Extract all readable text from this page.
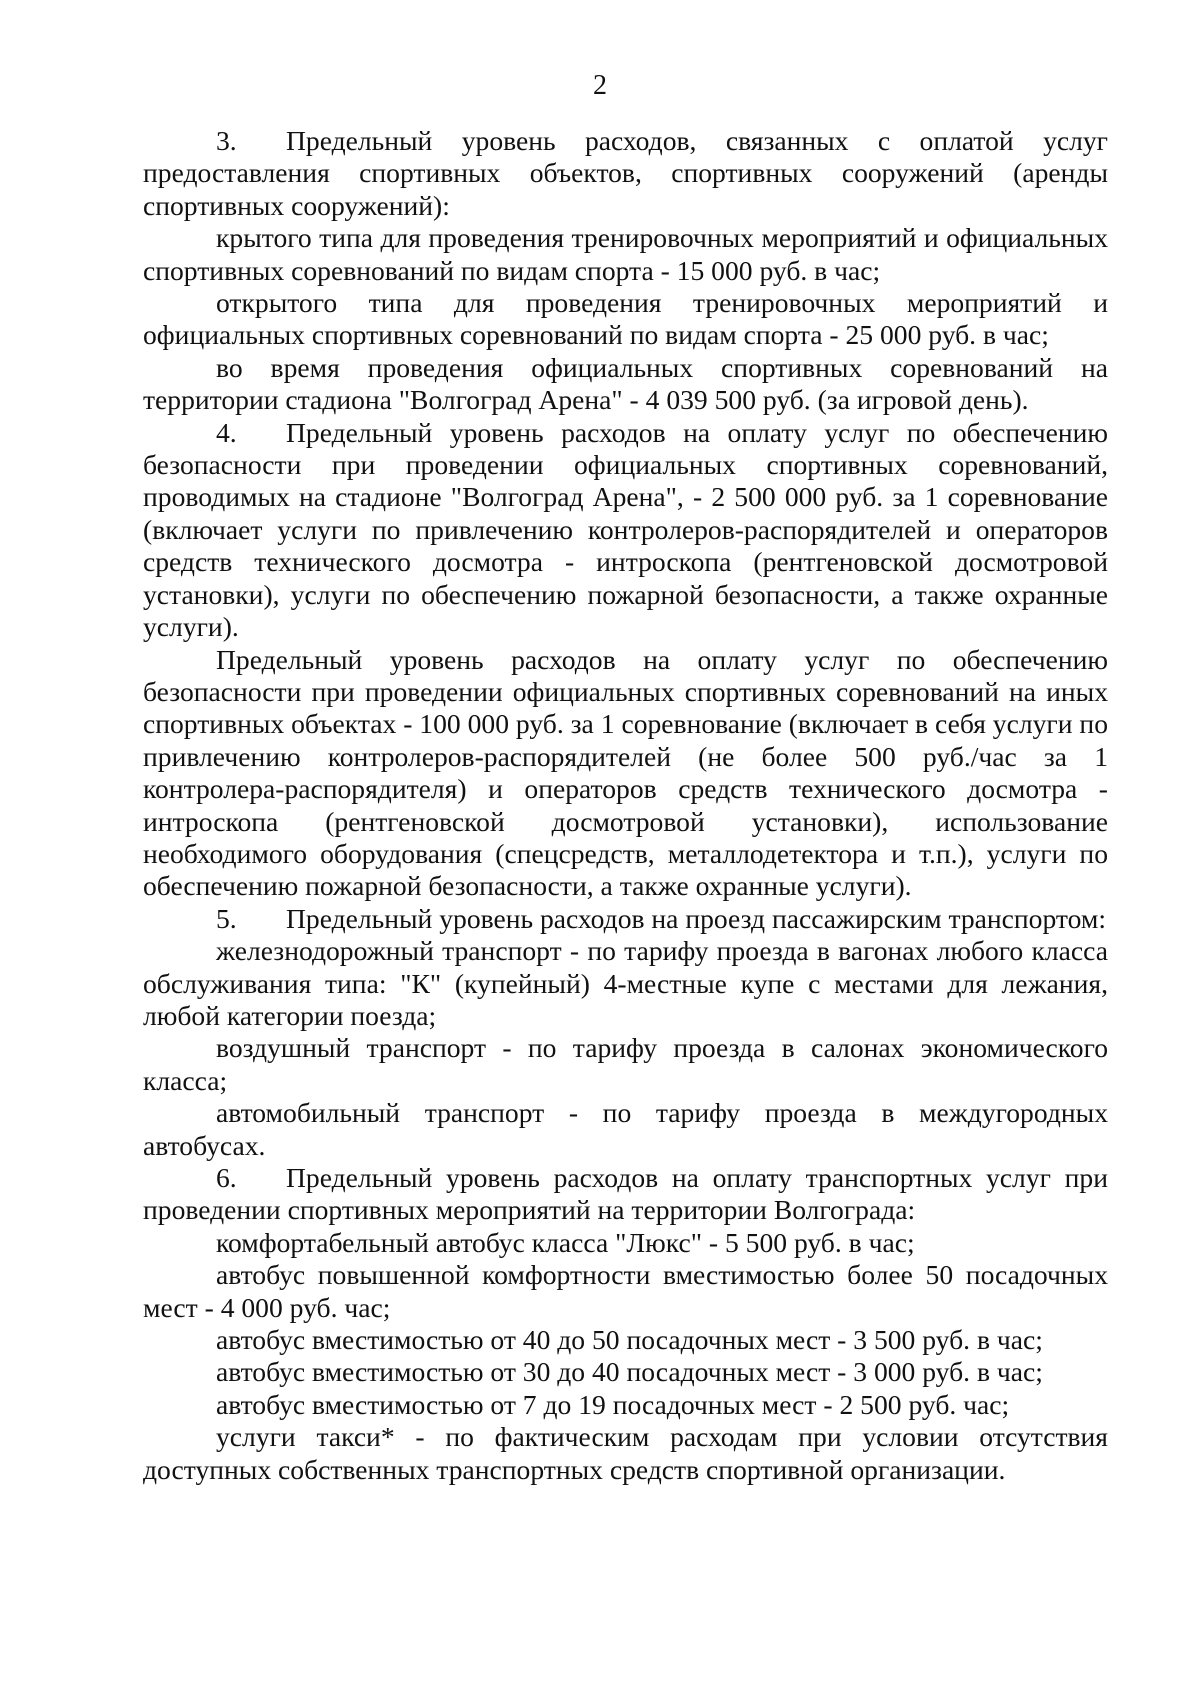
2

3. Предельный уровень расходов, связанных с оплатой услуг предоставления спортивных объектов, спортивных сооружений (аренды спортивных сооружений):

крытого типа для проведения тренировочных мероприятий и официальных спортивных соревнований по видам спорта - 15 000 руб. в час;

открытого типа для проведения тренировочных мероприятий и официальных спортивных соревнований по видам спорта - 25 000 руб. в час;

во время проведения официальных спортивных соревнований на территории стадиона "Волгоград Арена" - 4 039 500 руб. (за игровой день).

4. Предельный уровень расходов на оплату услуг по обеспечению безопасности при проведении официальных спортивных соревнований, проводимых на стадионе "Волгоград Арена", - 2 500 000 руб. за 1 соревнование (включает услуги по привлечению контролеров-распорядителей и операторов средств технического досмотра - интроскопа (рентгеновской досмотровой установки), услуги по обеспечению пожарной безопасности, а также охранные услуги).

Предельный уровень расходов на оплату услуг по обеспечению безопасности при проведении официальных спортивных соревнований на иных спортивных объектах - 100 000 руб. за 1 соревнование (включает в себя услуги по привлечению контролеров-распорядителей (не более 500 руб./час за 1 контролера-распорядителя) и операторов средств технического досмотра - интроскопа (рентгеновской досмотровой установки), использование необходимого оборудования (спецсредств, металлодетектора и т.п.), услуги по обеспечению пожарной безопасности, а также охранные услуги).

5. Предельный уровень расходов на проезд пассажирским транспортом:

железнодорожный транспорт - по тарифу проезда в вагонах любого класса обслуживания типа: "К" (купейный) 4-местные купе с местами для лежания, любой категории поезда;

воздушный транспорт - по тарифу проезда в салонах экономического класса;

автомобильный транспорт - по тарифу проезда в междугородных автобусах.

6. Предельный уровень расходов на оплату транспортных услуг при проведении спортивных мероприятий на территории Волгограда:

комфортабельный автобус класса "Люкс" - 5 500 руб. в час;

автобус повышенной комфортности вместимостью более 50 посадочных мест - 4 000 руб. час;

автобус вместимостью от 40 до 50 посадочных мест - 3 500 руб. в час;

автобус вместимостью от 30 до 40 посадочных мест - 3 000 руб. в час;

автобус вместимостью от 7 до 19 посадочных мест - 2 500 руб. час;

услуги такси* - по фактическим расходам при условии отсутствия доступных собственных транспортных средств спортивной организации.
